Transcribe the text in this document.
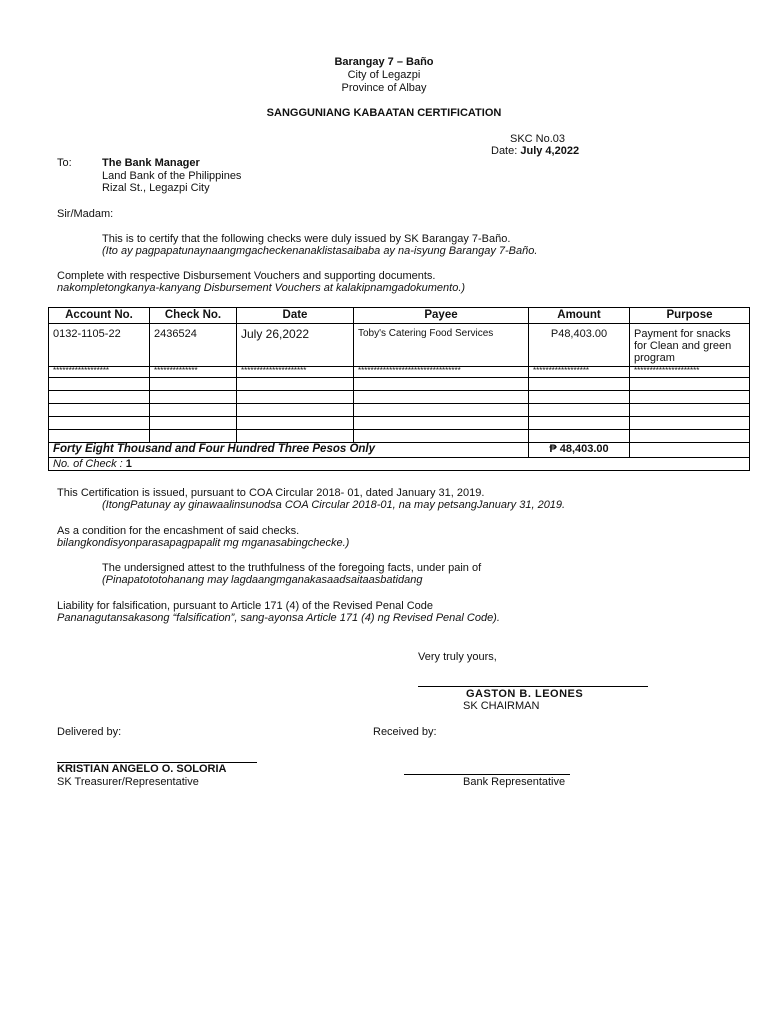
Barangay 7 – Baño
City of Legazpi
Province of Albay
SANGGUNIANG KABAATAN CERTIFICATION
SKC No.03
Date: July 4,2022
To:	The Bank Manager
Land Bank of the Philippines
Rizal St., Legazpi City
Sir/Madam:
This is to certify that the following checks were duly issued by SK Barangay 7-Baño.
(Ito ay pagpapatunaynaangmgacheckenanaklistasaibaba ay na-isyung Barangay 7-Baño.
Complete with respective Disbursement Vouchers and supporting documents.
nakompletongkanya-kanyang Disbursement Vouchers at kalakipnamgadokumento.)
Account No.	Check No.	Date	Payee	Amount	Purpose
0132-1105-22	2436524	July 26,2022	Toby's Catering Food Services	P48,403.00	Payment for snacks for Clean and green program
******************	**************	*********************	*********************************	******************	*********************

Forty Eight Thousand and Four Hundred Three Pesos Only				₱ 48,403.00	
No. of Check : 1					
This Certification is issued, pursuant to COA Circular 2018- 01, dated January 31, 2019.
(ItongPatunay ay ginawaalinsunodsa COA Circular 2018-01, na may petsangJanuary 31, 2019.
As a condition for the encashment of said checks.
bilangkondisyonparasapagpapalit mg mganasabingchecke.)
The undersigned attest to the truthfulness of the foregoing facts, under pain of
(Pinapatototohanang may lagdaangmganakasaadsaitaasbatidang
Liability for falsification, pursuant to Article 171 (4) of the Revised Penal Code
Pananagutansakasong “falsification”, sang-ayonsa Article 171 (4) ng Revised Penal Code).
Very truly yours,
GASTON B. LEONES
SK CHAIRMAN
Delivered by:	Received by:
KRISTIAN ANGELO O. SOLORIA
SK Treasurer/Representative	Bank Representative
